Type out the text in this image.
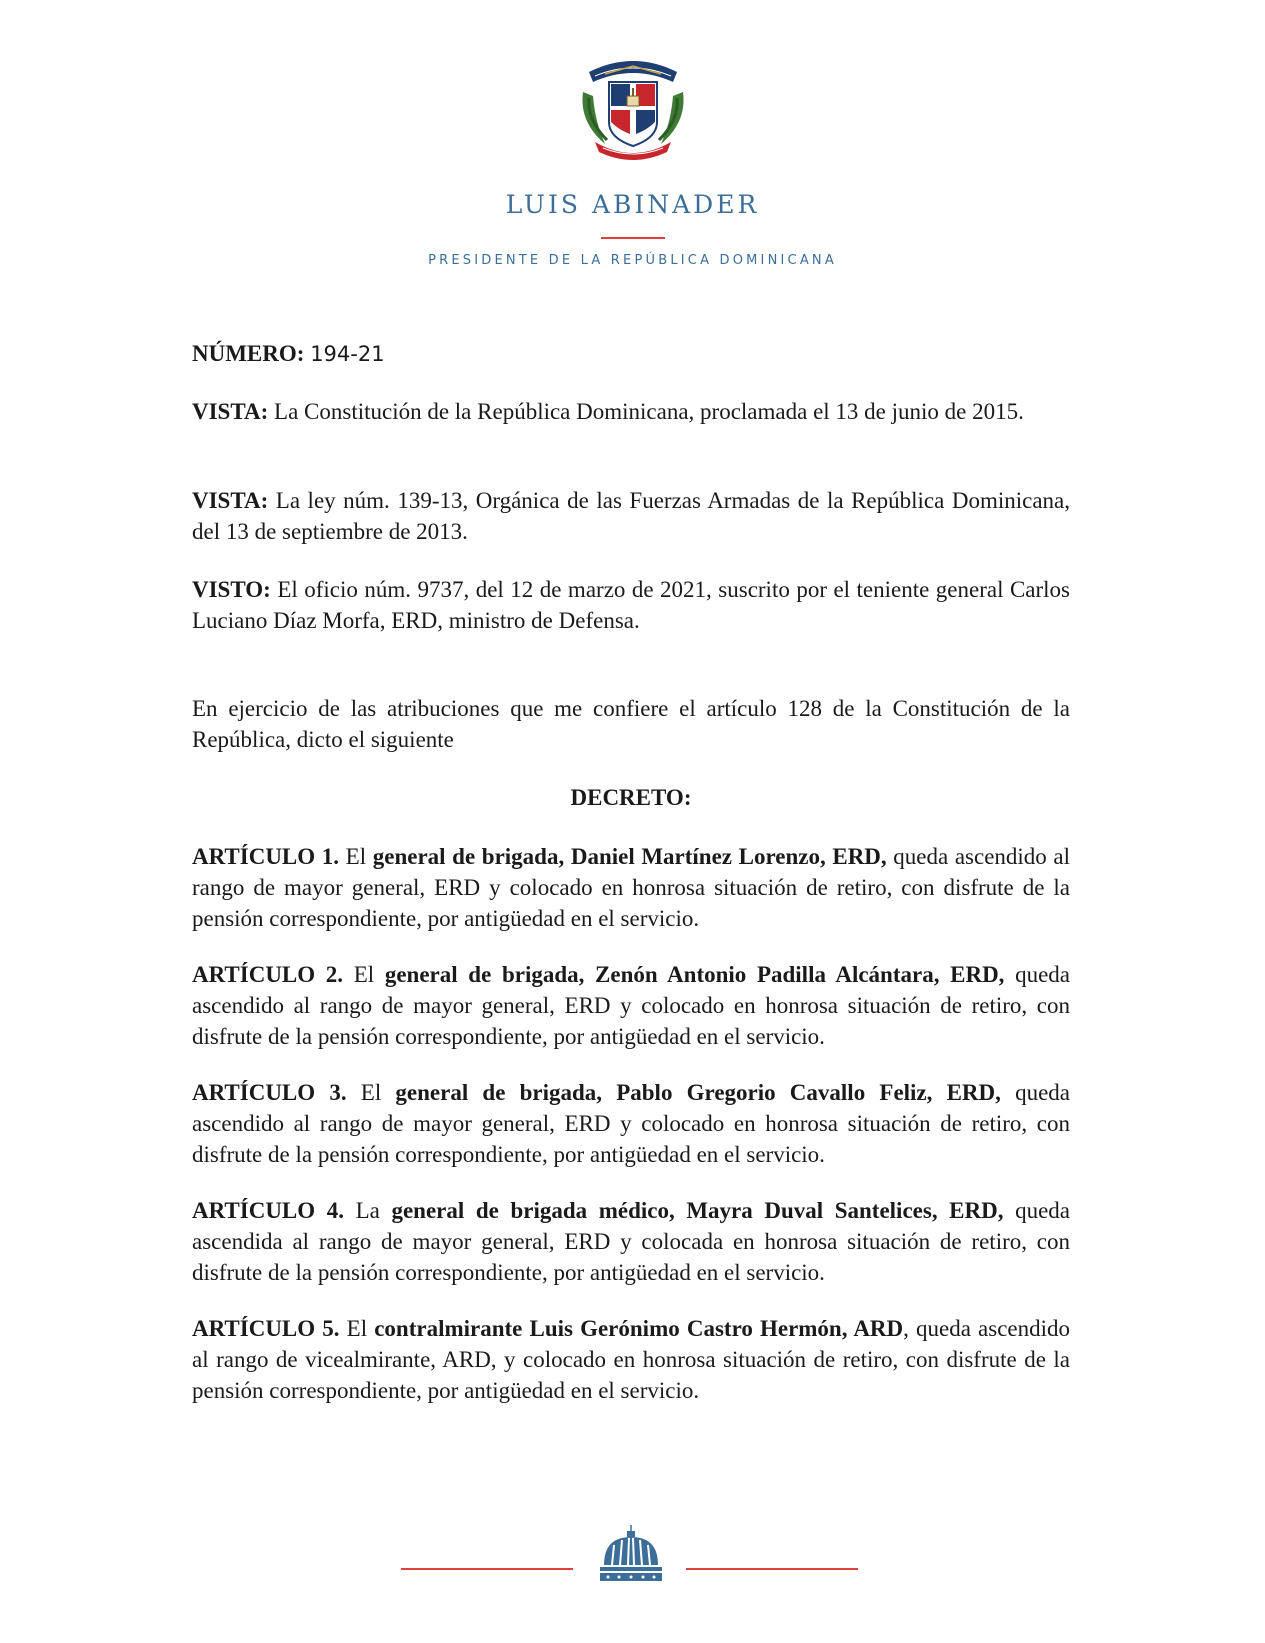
LUIS ABINADER
PRESIDENTE DE LA REPÚBLICA DOMINICANA
NÚMERO: 194-21
VISTA: La Constitución de la República Dominicana, proclamada el 13 de junio de 2015.
VISTA: La ley núm. 139-13, Orgánica de las Fuerzas Armadas de la República Dominicana, del 13 de septiembre de 2013.
VISTO: El oficio núm. 9737, del 12 de marzo de 2021, suscrito por el teniente general Carlos Luciano Díaz Morfa, ERD, ministro de Defensa.
En ejercicio de las atribuciones que me confiere el artículo 128 de la Constitución de la República, dicto el siguiente
DECRETO:
ARTÍCULO 1. El general de brigada, Daniel Martínez Lorenzo, ERD, queda ascendido al rango de mayor general, ERD y colocado en honrosa situación de retiro, con disfrute de la pensión correspondiente, por antigüedad en el servicio.
ARTÍCULO 2. El general de brigada, Zenón Antonio Padilla Alcántara, ERD, queda ascendido al rango de mayor general, ERD y colocado en honrosa situación de retiro, con disfrute de la pensión correspondiente, por antigüedad en el servicio.
ARTÍCULO 3. El general de brigada, Pablo Gregorio Cavallo Feliz, ERD, queda ascendido al rango de mayor general, ERD y colocado en honrosa situación de retiro, con disfrute de la pensión correspondiente, por antigüedad en el servicio.
ARTÍCULO 4. La general de brigada médico, Mayra Duval Santelices, ERD, queda ascendida al rango de mayor general, ERD y colocada en honrosa situación de retiro, con disfrute de la pensión correspondiente, por antigüedad en el servicio.
ARTÍCULO 5. El contralmirante Luis Gerónimo Castro Hermón, ARD, queda ascendido al rango de vicealmirante, ARD, y colocado en honrosa situación de retiro, con disfrute de la pensión correspondiente, por antigüedad en el servicio.
